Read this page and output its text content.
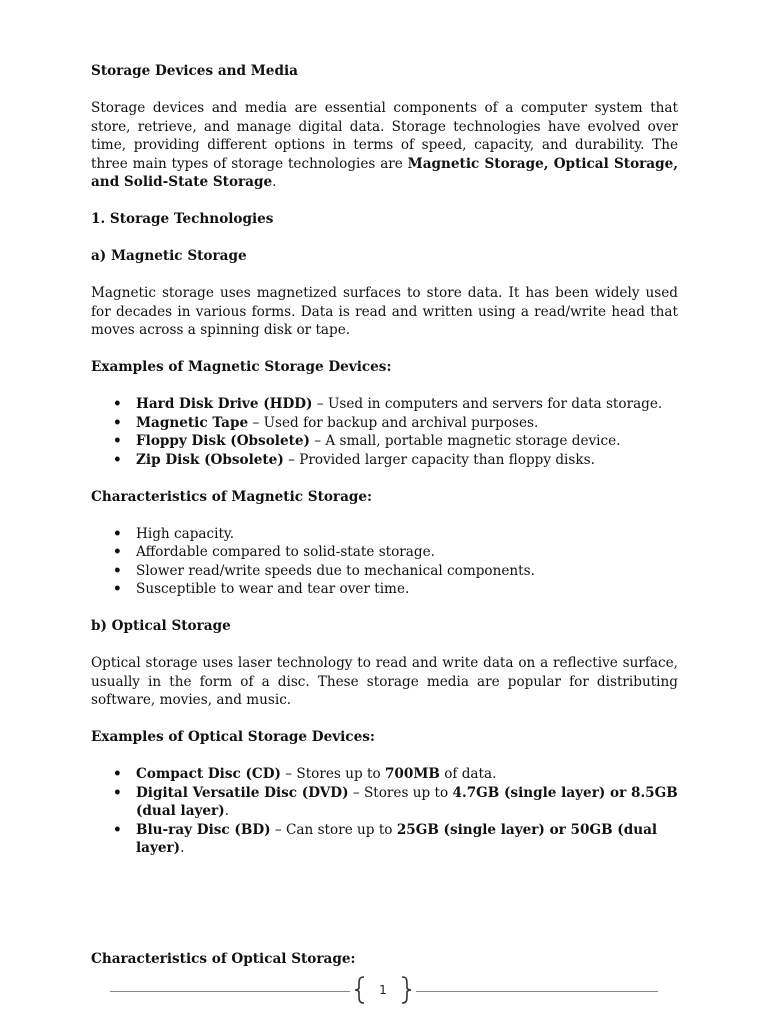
Storage Devices and Media

Storage devices and media are essential components of a computer system that store, retrieve, and manage digital data. Storage technologies have evolved over time, providing different options in terms of speed, capacity, and durability. The three main types of storage technologies are Magnetic Storage, Optical Storage, and Solid-State Storage.

1. Storage Technologies

a) Magnetic Storage

Magnetic storage uses magnetized surfaces to store data. It has been widely used for decades in various forms. Data is read and written using a read/write head that moves across a spinning disk or tape.

Examples of Magnetic Storage Devices:

• Hard Disk Drive (HDD) – Used in computers and servers for data storage.
• Magnetic Tape – Used for backup and archival purposes.
• Floppy Disk (Obsolete) – A small, portable magnetic storage device.
• Zip Disk (Obsolete) – Provided larger capacity than floppy disks.

Characteristics of Magnetic Storage:

• High capacity.
• Affordable compared to solid-state storage.
• Slower read/write speeds due to mechanical components.
• Susceptible to wear and tear over time.

b) Optical Storage

Optical storage uses laser technology to read and write data on a reflective surface, usually in the form of a disc. These storage media are popular for distributing software, movies, and music.

Examples of Optical Storage Devices:

• Compact Disc (CD) – Stores up to 700MB of data.
• Digital Versatile Disc (DVD) – Stores up to 4.7GB (single layer) or 8.5GB (dual layer).
• Blu-ray Disc (BD) – Can store up to 25GB (single layer) or 50GB (dual layer).

Characteristics of Optical Storage:

1
